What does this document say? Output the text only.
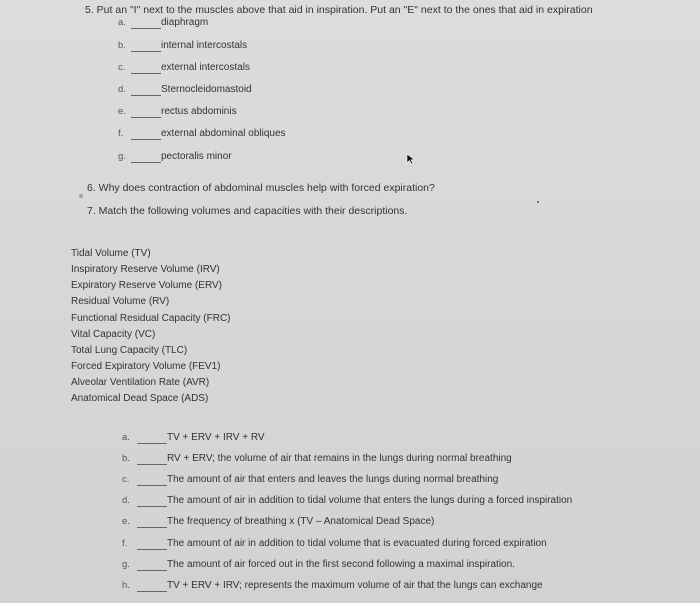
5. Put an "I" next to the muscles above that aid in inspiration. Put an "E" next to the ones that aid in expiration
a.	diaphragm
b.	internal intercostals
c.	external intercostals
d.	Sternocleidomastoid
e.	rectus abdominis
f.	external abdominal obliques
g.	pectoralis minor
6. Why does contraction of abdominal muscles help with forced expiration?
7. Match the following volumes and capacities with their descriptions.
Tidal Volume (TV)
Inspiratory Reserve Volume (IRV)
Expiratory Reserve Volume (ERV)
Residual Volume (RV)
Functional Residual Capacity (FRC)
Vital Capacity (VC)
Total Lung Capacity (TLC)
Forced Expiratory Volume (FEV1)
Alveolar Ventilation Rate (AVR)
Anatomical Dead Space (ADS)
a.	TV + ERV + IRV + RV
b.	RV + ERV; the volume of air that remains in the lungs during normal breathing
c.	The amount of air that enters and leaves the lungs during normal breathing
d.	The amount of air in addition to tidal volume that enters the lungs during a forced inspiration
e.	The frequency of breathing x (TV – Anatomical Dead Space)
f.	The amount of air in addition to tidal volume that is evacuated during forced expiration
g.	The amount of air forced out in the first second following a maximal inspiration.
h.	TV + ERV + IRV; represents the maximum volume of air that the lungs can exchange
